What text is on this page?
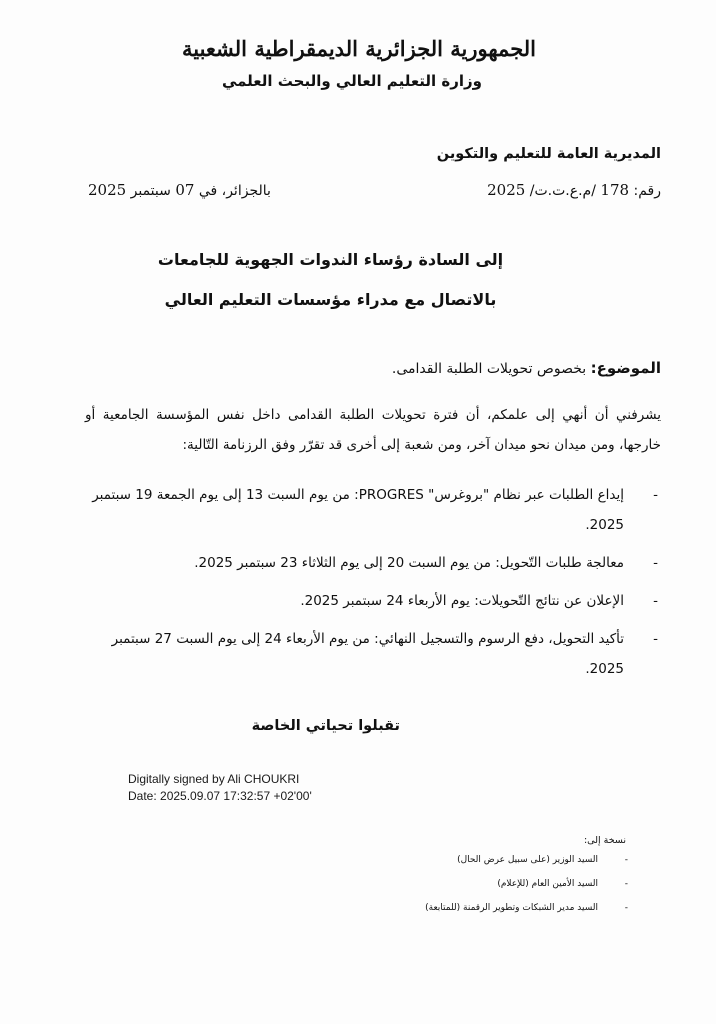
الجمهورية الجزائرية الديمقراطية الشعبية
وزارة التعليم العالي والبحث العلمي
المديرية العامة للتعليم والتكوين
رقم: 178 /م.ع.ت.ت/ 2025
بالجزائر، في 07 سبتمبر 2025
إلى السادة رؤساء الندوات الجهوية للجامعات
بالاتصال مع مدراء مؤسسات التعليم العالي
الموضوع: بخصوص تحويلات الطلبة القدامى.
يشرفني أن أنهي إلى علمكم، أن فترة تحويلات الطلبة القدامى داخل نفس المؤسسة الجامعية أو خارجها، ومن ميدان نحو ميدان آخر، ومن شعبة إلى أخرى قد تقرّر وفق الرزنامة التّالية:
-
إيداع الطلبات عبر نظام "بروغرس" PROGRES: من يوم السبت 13 إلى يوم الجمعة 19 سبتمبر 2025.
-
معالجة طلبات التّحويل: من يوم السبت 20 إلى يوم الثلاثاء 23 سبتمبر 2025.
-
الإعلان عن نتائج التّحويلات: يوم الأربعاء 24 سبتمبر 2025.
-
تأكيد التحويل، دفع الرسوم والتسجيل النهائي: من يوم الأربعاء 24 إلى يوم السبت 27 سبتمبر 2025.
تقبلوا تحياتي الخاصة
Digitally signed by Ali CHOUKRI
Date: 2025.09.07 17:32:57 +02'00'
نسخة إلى:
-
السيد الوزير (على سبيل عرض الحال)
-
السيد الأمين العام (للإعلام)
-
السيد مدير الشبكات وتطوير الرقمنة (للمتابعة)
